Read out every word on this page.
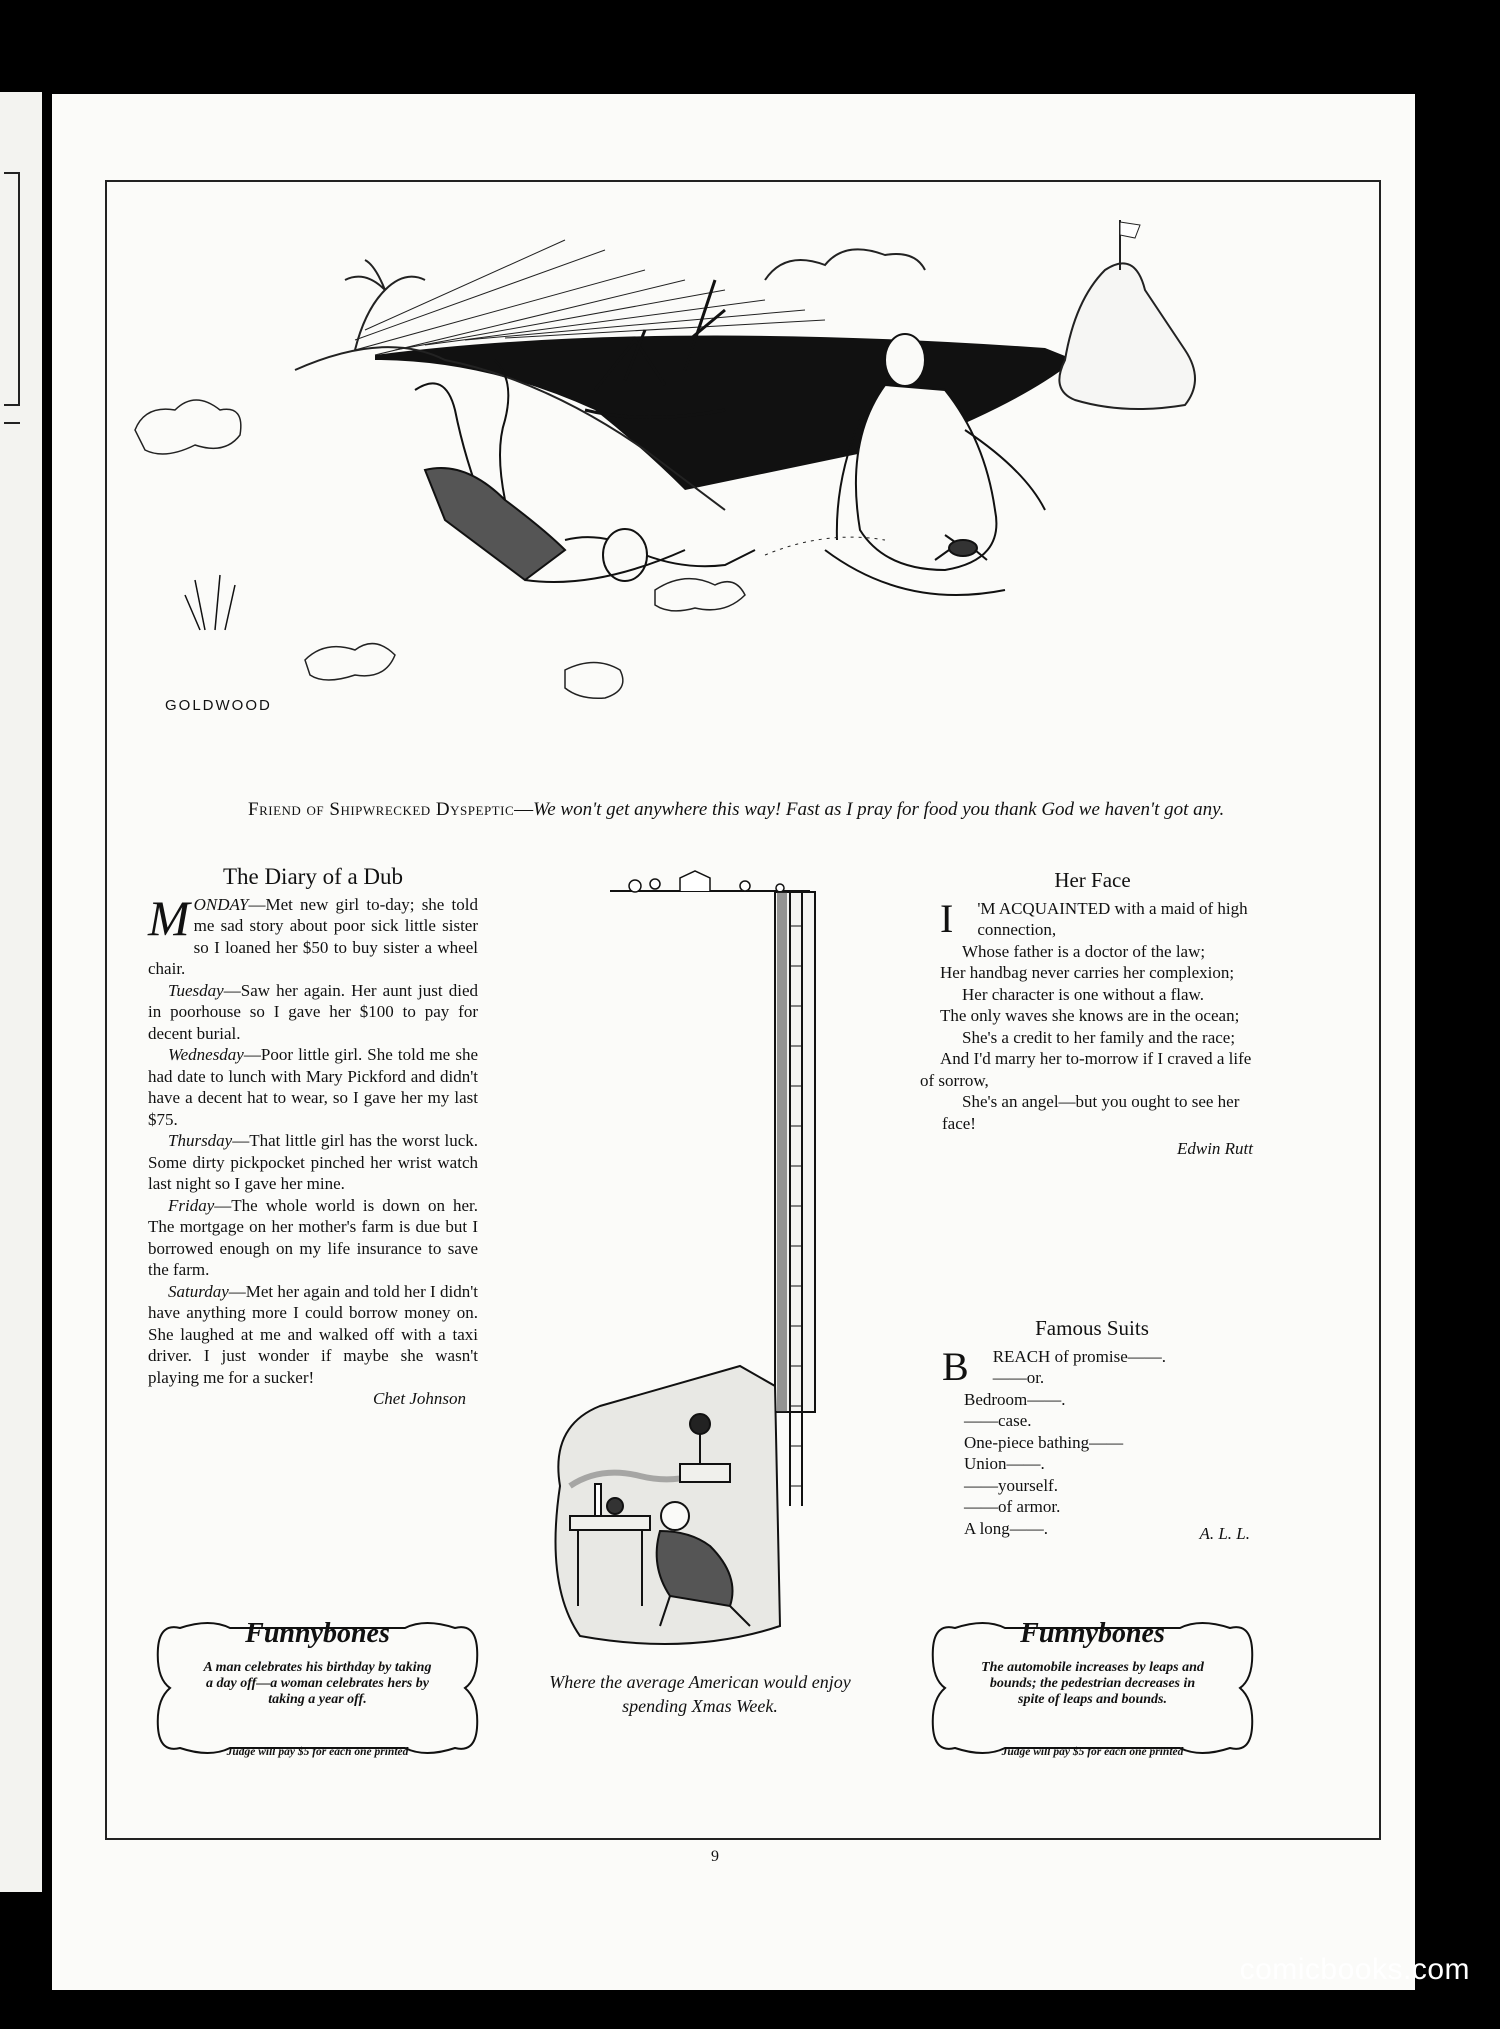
GOLDWOOD
Friend of Shipwrecked Dyspeptic—We won't get anywhere this way! Fast as I pray for food you thank God we haven't got any.
The Diary of a Dub

MONDAY—Met new girl to-day; she told me sad story about poor sick little sister so I loaned her $50 to buy sister a wheel chair.

Tuesday—Saw her again. Her aunt just died in poorhouse so I gave her $100 to pay for decent burial.

Wednesday—Poor little girl. She told me she had date to lunch with Mary Pickford and didn't have a decent hat to wear, so I gave her my last $75.

Thursday—That little girl has the worst luck. Some dirty pickpocket pinched her wrist watch last night so I gave her mine.

Friday—The whole world is down on her. The mortgage on her mother's farm is due but I borrowed enough on my life insurance to save the farm.

Saturday—Met her again and told her I didn't have anything more I could borrow money on. She laughed at me and walked off with a taxi driver. I just wonder if maybe she wasn't playing me for a sucker!

Chet Johnson
Funnybones
A man celebrates his birthday by taking a day off—a woman celebrates hers by taking a year off.
Judge will pay $5 for each one printed
Where the average American would enjoy spending Xmas Week.
Her Face

I 'M ACQUAINTED with a maid of high

connection,

Whose father is a doctor of the law;

Her handbag never carries her complexion;

Her character is one without a flaw.

The only waves she knows are in the ocean;

She's a credit to her family and the race;

And I'd marry her to-morrow if I craved a life of sorrow,

She's an angel—but you ought to see her face!

Edwin Rutt
Famous Suits

B REACH of promise——.

——or.

Bedroom——.

——case.

One-piece bathing——

Union——.

——yourself.

——of armor.

A long——.	A. L. L.
Funnybones
The automobile increases by leaps and bounds; the pedestrian decreases in spite of leaps and bounds.
Judge will pay $5 for each one printed
9
comicbooks.com
